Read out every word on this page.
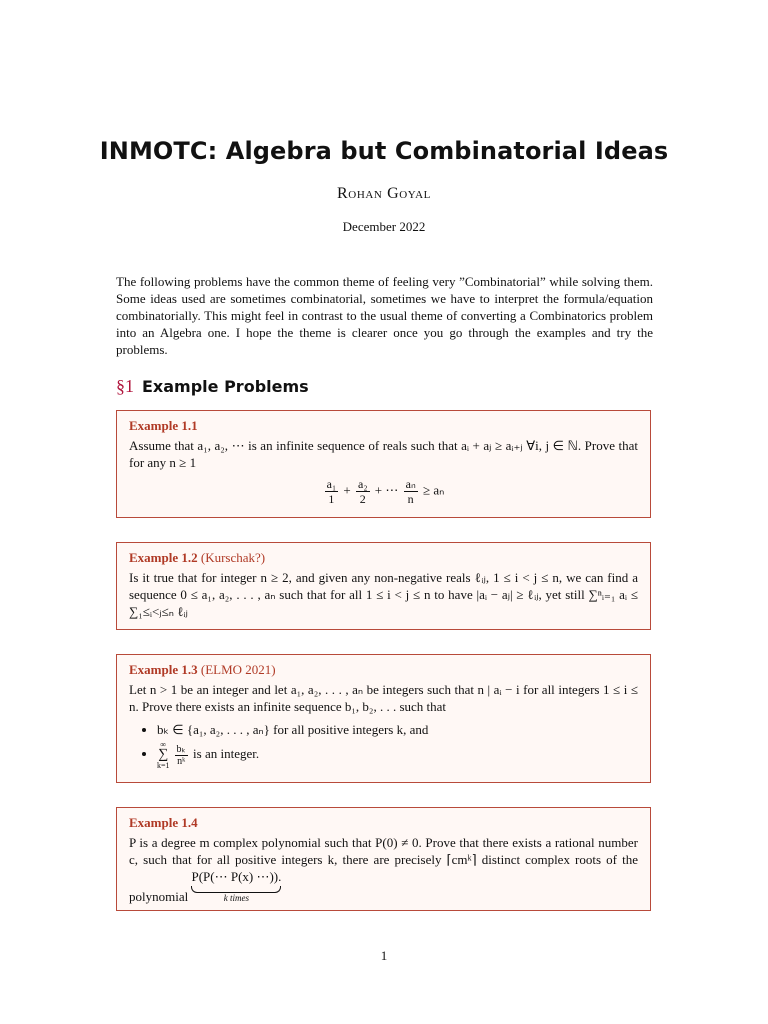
INMOTC: Algebra but Combinatorial Ideas
Rohan Goyal
December 2022

The following problems have the common theme of feeling very ”Combinatorial” while solving them. Some ideas used are sometimes combinatorial, sometimes we have to interpret the formula/equation combinatorially. This might feel in contrast to the usual theme of converting a Combinatorics problem into an Algebra one. I hope the theme is clearer once you go through the examples and try the problems.

§1 Example Problems
Example 1.1

Assume that a₁, a₂, ⋯ is an infinite sequence of reals such that aᵢ + aⱼ ≥ aᵢ₊ⱼ ∀i, j ∈ ℕ. Prove that for any n ≥ 1

$\frac{\text{a₁}}{1} + \frac{\text{a₂}}{2}$ + ⋯ $\frac{\text{aₙ}}{n} \ge a_n$
Example 1.2 (Kurschak?)

Is it true that for integer n ≥ 2, and given any non-negative reals ℓᵢⱼ, 1 ≤ i < j ≤ n, we can find a sequence 0 ≤ a₁, a₂, . . . , aₙ such that for all 1 ≤ i < j ≤ n to have |aᵢ − aⱼ| ≥ ℓᵢⱼ, yet still ∑ⁿᵢ₌₁ aᵢ ≤ ∑₁≤ᵢ<ⱼ≤ₙ ℓᵢⱼ

Example 1.3 (ELMO 2021)

Let n > 1 be an integer and let a₁, a₂, . . . , aₙ be integers such that n | aᵢ − i for all integers 1 ≤ i ≤ n. Prove there exists an infinite sequence b₁, b₂, . . . such that

• bₖ ∈ {a₁, a₂, . . . , aₙ} for all positive integers k, and
• ∞
∑
$k=1 \frac{\text{bₖ}}{\text{nᵏ}}$ is an integer.
Example 1.4

P is a degree m complex polynomial such that P(0) ≠ 0. Prove that there exists a rational number c, such that for all positive integers k, there are precisely ⌈cmᵏ⌉ distinct complex roots of the polynomial P(P(⋯ P(x) ⋯)).
k times

1
